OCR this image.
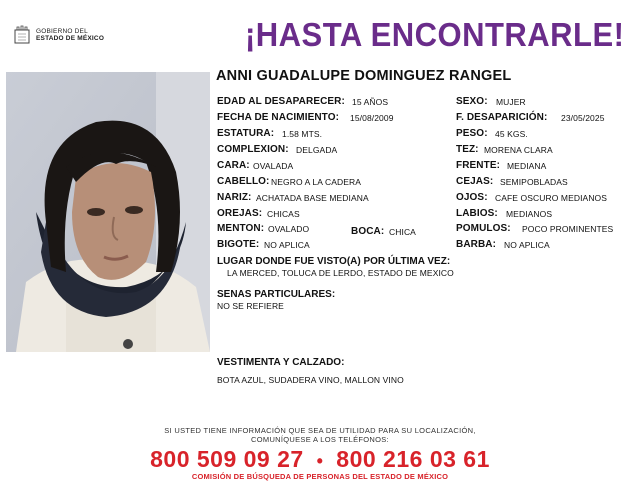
GOBIERNO DEL
ESTADO DE MÉXICO	¡HASTA ENCONTRARLE!
ANNI GUADALUPE DOMINGUEZ RANGEL
EDAD AL DESAPARECER: 15 AÑOS
FECHA DE NACIMIENTO: 15/08/2009
ESTATURA: 1.58 MTS.
COMPLEXION: DELGADA
CARA: OVALADA
CABELLO: NEGRO A LA CADERA
NARIZ: ACHATADA BASE MEDIANA
OREJAS: CHICAS
MENTON: OVALADO	BOCA: CHICA
BIGOTE: NO APLICA
SEXO: MUJER
F. DESAPARICIÓN: 23/05/2025
PESO: 45 KGS.
TEZ: MORENA CLARA
FRENTE: MEDIANA
CEJAS: SEMIPOBLADAS
OJOS: CAFE OSCURO MEDIANOS
LABIOS: MEDIANOS
POMULOS: POCO PROMINENTES
BARBA: NO APLICA
LUGAR DONDE FUE VISTO(A) POR ÚLTIMA VEZ:
LA MERCED, TOLUCA DE LERDO, ESTADO DE MEXICO
SENAS PARTICULARES:
NO SE REFIERE
VESTIMENTA Y CALZADO:
BOTA AZUL, SUDADERA VINO, MALLON VINO
SI USTED TIENE INFORMACIÓN QUE SEA DE UTILIDAD PARA SU LOCALIZACIÓN,
COMUNÍQUESE A LOS TELÉFONOS:
800 509 09 27 • 800 216 03 61
COMISIÓN DE BÚSQUEDA DE PERSONAS DEL ESTADO DE MÉXICO
